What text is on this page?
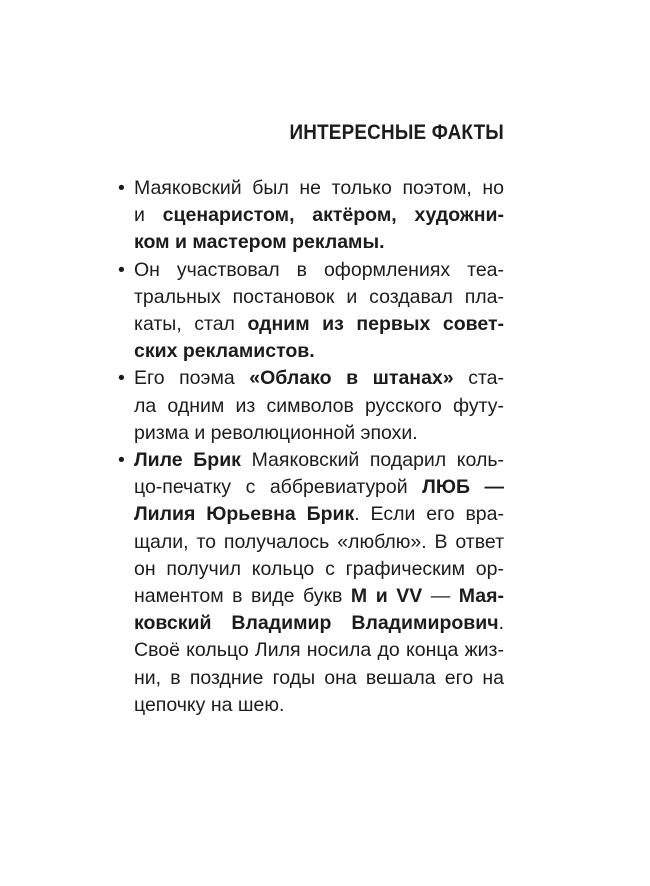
ИНТЕРЕСНЫЕ ФАКТЫ
• Маяковский был не только поэтом, но
и сценаристом, актёром, художни-
ком и мастером рекламы.
• Он участвовал в оформлениях теа-
тральных постановок и создавал пла-
каты, стал одним из первых совет-
ских рекламистов.
• Его поэма «Облако в штанах» ста-
ла одним из символов русского футу-
ризма и революционной эпохи.
• Лиле Брик Маяковский подарил коль-
цо-печатку с аббревиатурой ЛЮБ —
Лилия Юрьевна Брик. Если его вра-
щали, то получалось «люблю». В ответ
он получил кольцо с графическим ор-
наментом в виде букв М и VV — Мая-
ковский Владимир Владимирович.
Своё кольцо Лиля носила до конца жиз-
ни, в поздние годы она вешала его на
цепочку на шею.
